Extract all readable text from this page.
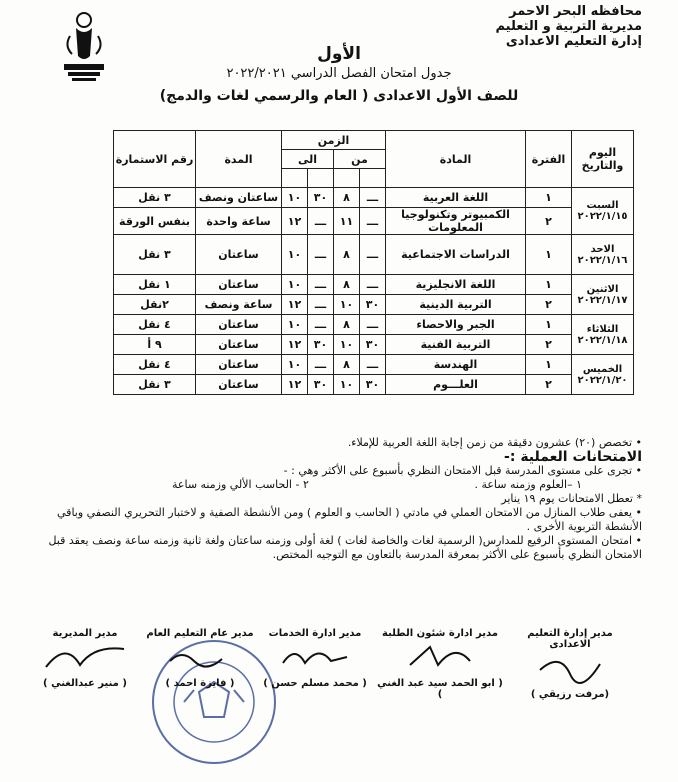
محافظه البحر الاحمر
مديرية التربية و التعليم
إدارة التعليم الاعدادى
الأول
جدول امتحان الفصل الدراسي ٢٠٢٢/٢٠٢١
للصف الأول الاعدادى ( العام والرسمي لغات والدمج)
اليوم والتاريخ	الفترة	المادة	الزمن				المدة	رقم الاستمارة
			من		الى			

السبت ٢٠٢٢/١/١٥	١	اللغة العربية	ـــ	٨	٣٠	١٠	ساعتان ونصف	٣ نقل
	٢	الكمبيوتر وتكنولوجيا المعلومات	ـــ	١١	ـــ	١٢	ساعة واحدة	بنفس الورقة
الاحد ٢٠٢٢/١/١٦	١	الدراسات الاجتماعية	ـــ	٨	ـــ	١٠	ساعتان	٣ نقل
الاثنين ٢٠٢٢/١/١٧	١	اللغة الانجليزية	ـــ	٨	ـــ	١٠	ساعتان	١ نقل
	٢	التربية الدينية	٣٠	١٠	ـــ	١٢	ساعة ونصف	٢نقل
الثلاثاء ٢٠٢٢/١/١٨	١	الجبر والاحصاء	ـــ	٨	ـــ	١٠	ساعتان	٤ نقل
	٢	التربية الفنية	٣٠	١٠	٣٠	١٢	ساعتان	٩ أ
الخميس ٢٠٢٢/١/٢٠	١	الهندسة	ـــ	٨	ـــ	١٠	ساعتان	٤ نقل
	٢	العلـــوم	٣٠	١٠	٣٠	١٢	ساعتان	٣ نقل
• تخصص (٢٠) عشرون دقيقة من زمن إجابة اللغة العربية للإملاء.
الامتحانات العملية :-
• تجرى على مستوى المدرسة قبل الامتحان النظري بأسبوع على الأكثر وهي : -
١ –العلوم وزمنه ساعة .
٢ - الحاسب الألي وزمنه ساعة
* تعطل الامتحانات يوم ١٩ يناير
• يعفى طلاب المنازل من الامتحان العملي في مادتي ( الحاسب و العلوم ) ومن الأنشطة الصفية و لاختبار التحريري النصفي وباقي الأنشطة التربوية الأخرى .
• امتحان المستوى الرفيع للمدارس( الرسمية لغات والخاصة لغات ) لغة أولى وزمنه ساعتان ولغة ثانية وزمنه ساعة ونصف يعقد قبل الامتحان النظري بأسبوع على الأكثر بمعرفة المدرسة بالتعاون مع التوجيه المختص.
مدير إدارة التعليم الاعدادى
(مرفت رزيقي )
مدير ادارة شئون الطلبة
( ابو الحمد سيد عبد الغني )
مدير ادارة الخدمات
( محمد مسلم حسن )
مدير عام التعليم العام
( فايزة احمد )
مدير المديرية
( منير عبدالغني )
